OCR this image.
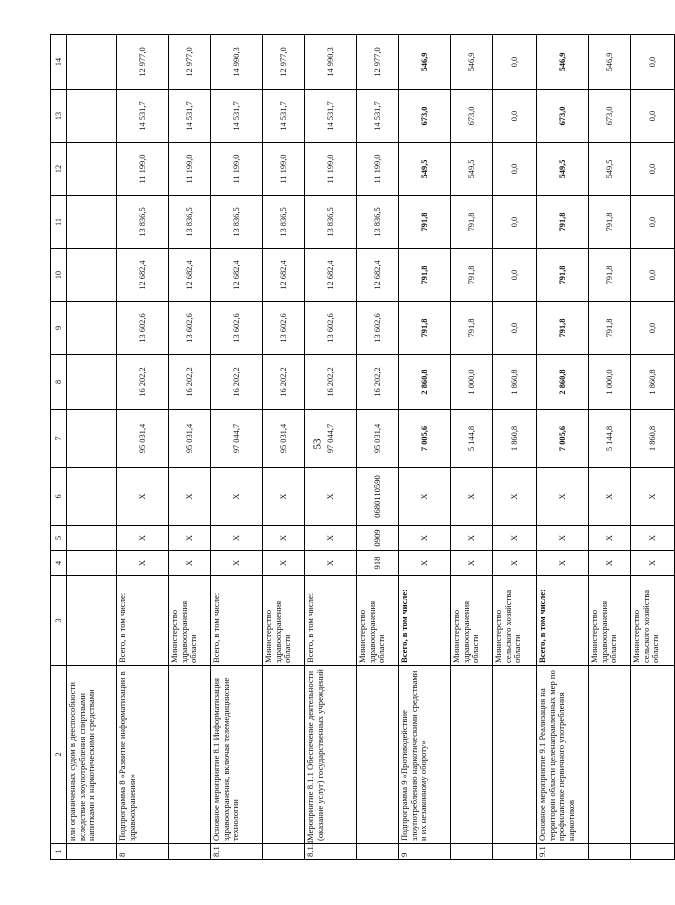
53
1	2	3	4	5	6	7	8	9	10	11	12	13	14
	или ограниченных судом в дееспособности вследствие злоупотребления спиртными напитками и наркотическими средствами												
8	Подпрограмма 8 «Развитие информатизации в здравоохранении»	Всего, в том числе:	Х	Х	Х	95 031,4	16 202,2	13 602,6	12 682,4	13 836,5	11 199,0	14 531,7	12 977,0
		Министерство здравоохранения области	Х	Х	Х	95 031,4	16 202,2	13 602,6	12 682,4	13 836,5	11 199,0	14 531,7	12 977,0
8.1	Основное мероприятие 8.1 Информатизация здравоохранения, включая телемедицинские технологии	Всего, в том числе:	Х	Х	Х	97 044,7	16 202,2	13 602,6	12 682,4	13 836,5	11 199,0	14 531,7	14 990,3
		Министерство здравоохранения области	Х	Х	Х	95 031,4	16 202,2	13 602,6	12 682,4	13 836,5	11 199,0	14 531,7	12 977,0
8.1.1	Мероприятие 8.1.1 Обеспечение деятельности (оказание услуг) государственных учреждений	Всего, в том числе:	Х	Х	Х	97 044,7	16 202,2	13 602,6	12 682,4	13 836,5	11 199,0	14 531,7	14 990,3
		Министерство здравоохранения области	918	0909	0680110590	95 031,4	16 202,2	13 602,6	12 682,4	13 836,5	11 199,0	14 531,7	12 977,0
9	Подпрограмма 9 «Противодействие злоупотреблению наркотическими средствами и их незаконному обороту»	Всего, в том числе:	Х	Х	Х	7 005,6	2 860,8	791,8	791,8	791,8	549,5	673,0	546,9
		Министерство здравоохранения области	Х	Х	Х	5 144,8	1 000,0	791,8	791,8	791,8	549,5	673,0	546,9
		Министерство сельского хозяйства области	Х	Х	Х	1 860,8	1 860,8	0,0	0,0	0,0	0,0	0,0	0,0
9.1	Основное мероприятие 9.1 Реализация на территории области целенаправленных мер по профилактике первичного употребления наркотиков	Всего, в том числе:	Х	Х	Х	7 005,6	2 860,8	791,8	791,8	791,8	549,5	673,0	546,9
		Министерство здравоохранения области	Х	Х	Х	5 144,8	1 000,0	791,8	791,8	791,8	549,5	673,0	546,9
		Министерство сельского хозяйства области	Х	Х	Х	1 860,8	1 860,8	0,0	0,0	0,0	0,0	0,0	0,0
